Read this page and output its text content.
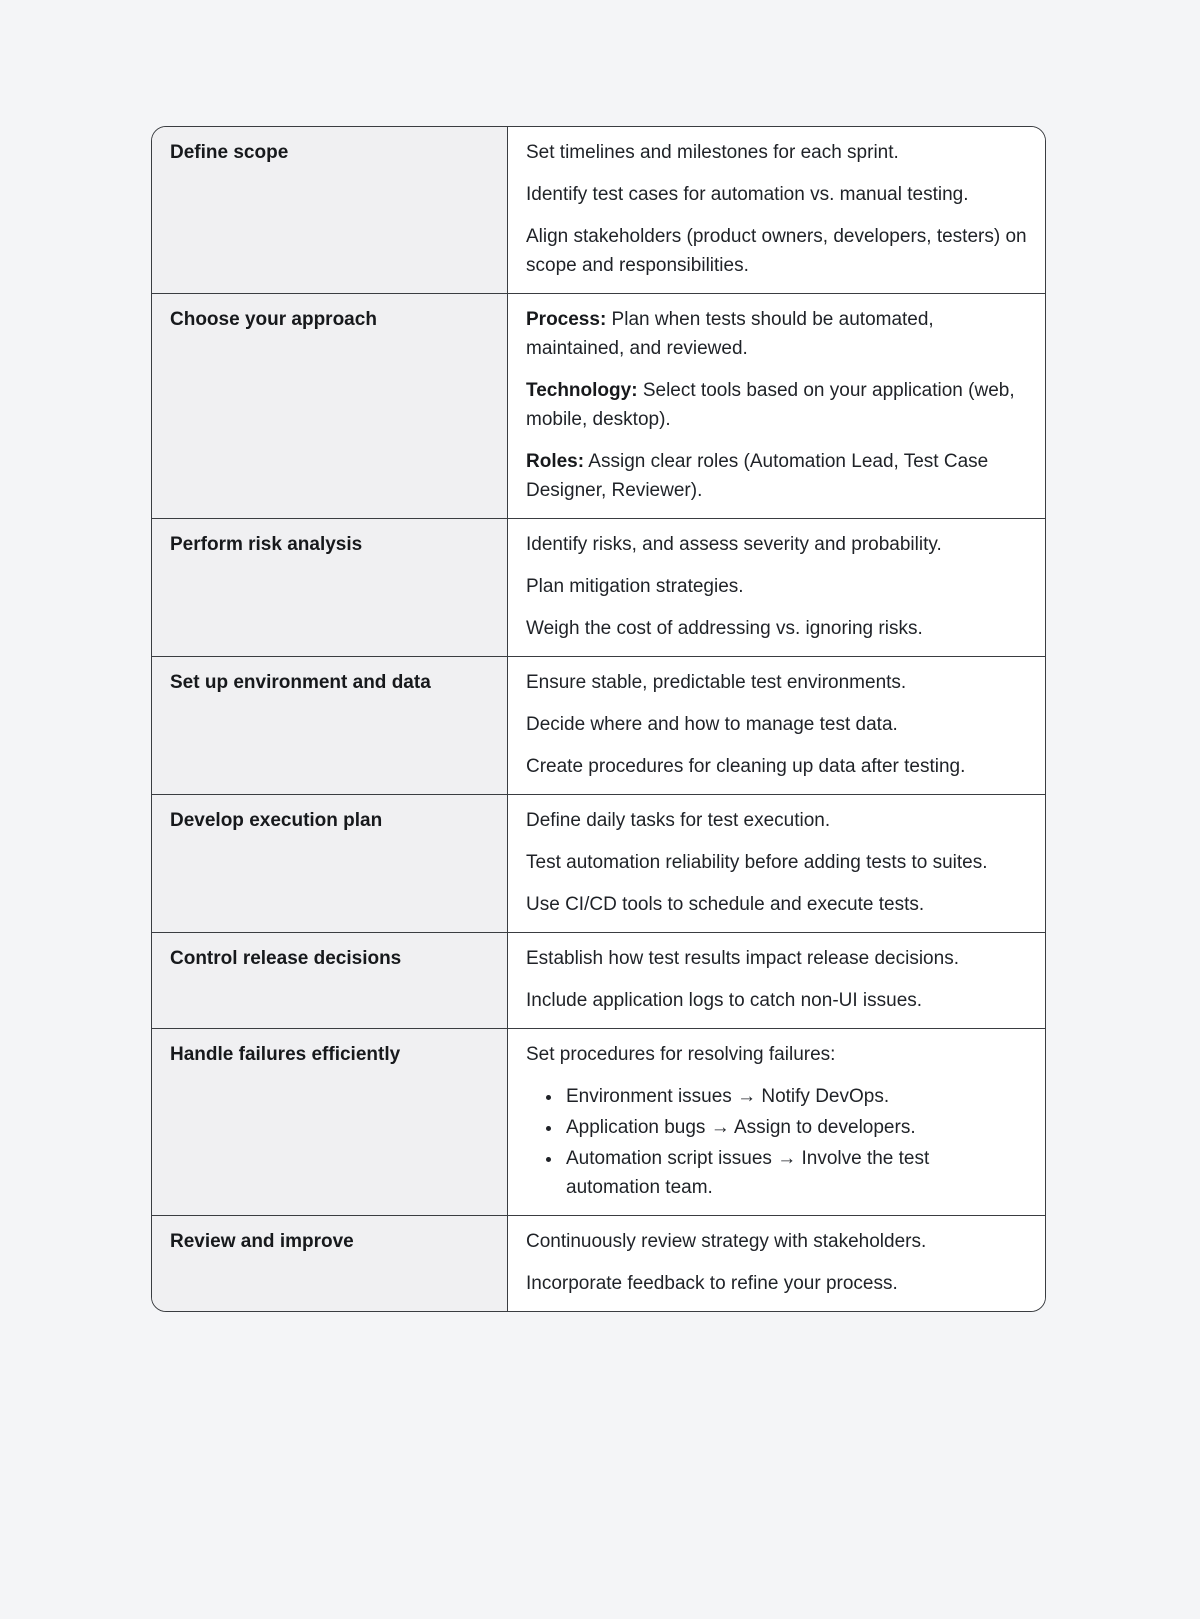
Define scope	Set timelines and milestones for each sprint.

Identify test cases for automation vs. manual testing.

Align stakeholders (product owners, developers, testers) on scope and responsibilities.

Choose your approach	Process: Plan when tests should be automated, maintained, and reviewed.

Technology: Select tools based on your application (web, mobile, desktop).

Roles: Assign clear roles (Automation Lead, Test Case Designer, Reviewer).

Perform risk analysis	Identify risks, and assess severity and probability.

Plan mitigation strategies.

Weigh the cost of addressing vs. ignoring risks.

Set up environment and data	Ensure stable, predictable test environments.

Decide where and how to manage test data.

Create procedures for cleaning up data after testing.

Develop execution plan	Define daily tasks for test execution.

Test automation reliability before adding tests to suites.

Use CI/CD tools to schedule and execute tests.

Control release decisions	Establish how test results impact release decisions.

Include application logs to catch non-UI issues.

Handle failures efficiently	Set procedures for resolving failures:

• Environment issues → Notify DevOps.
• Application bugs → Assign to developers.
• Automation script issues → Involve the test automation team.
Review and improve	Continuously review strategy with stakeholders.

Incorporate feedback to refine your process.
